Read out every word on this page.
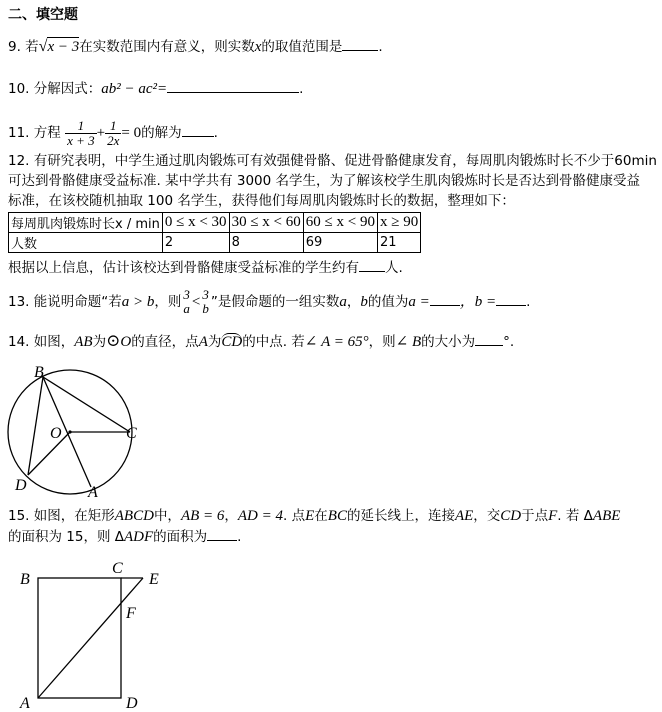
二、填空题
9. 若√x − 3在实数范围内有意义，则实数x的取值范围是	.
10. 分解因式：ab² − ac²=	.
11. 方程 $\frac{1}{x + 3} + \frac{1}{2x} = 0$的解为 .
12. 有研究表明，中学生通过肌肉锻炼可有效强健骨骼、促进骨骼健康发育，每周肌肉锻炼时长不少于60min
可达到骨骼健康受益标准. 某中学共有 3000 名学生，为了解该校学生肌肉锻炼时长是否达到骨骼健康受益
标准，在该校随机抽取 100 名学生，获得他们每周肌肉锻炼时长的数据，整理如下：
每周肌肉锻炼时长x / min	0 ≤ x < 30	30 ≤ x < 60	60 ≤ x < 90	x ≥ 90
人数	2	8	69	21
根据以上信息，估计该校达到骨骼健康受益标准的学生约有 人.
13. 能说明命题“若a > b，则 3
a < 3
b ”是假命题的一组实数a，b的值为a = ，b = .
14. 如图，AB为⊙O的直径，点A为CD的中点. 若∠ A = 65°，则∠ B的大小为 °.
B
O	C
D	A
15. 如图，在矩形ABCD中，AB = 6，AD = 4. 点E在BC的延长线上，连接AE，交CD于点F. 若 ΔABE
的面积为 15，则 ΔADF的面积为 .
B
C
E
F
A	D
